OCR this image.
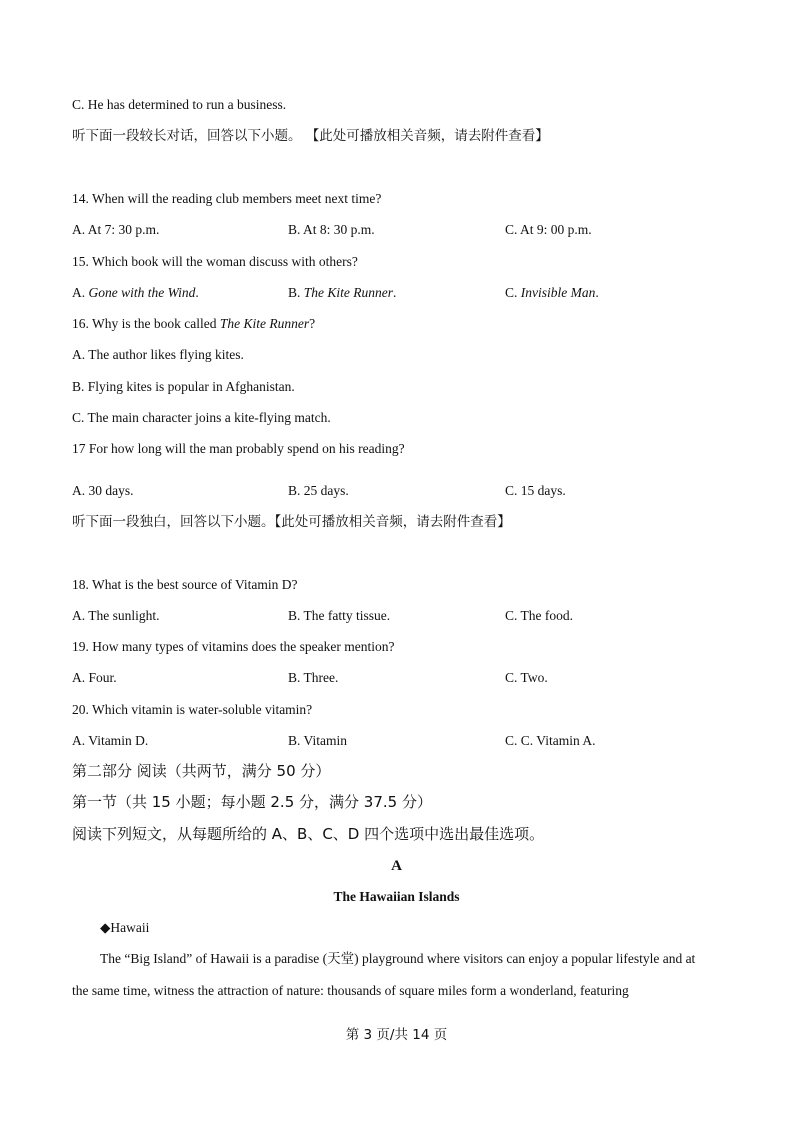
C. He has determined to run a business.
听下面一段较长对话，回答以下小题。 【此处可播放相关音频，请去附件查看】
14. When will the reading club members meet next time?
A. At 7: 30 p.m.	B. At 8: 30 p.m.	C. At 9: 00 p.m.
15. Which book will the woman discuss with others?
A. Gone with the Wind.	B. The Kite Runner.	C. Invisible Man.
16. Why is the book called The Kite Runner?
A. The author likes flying kites.
B. Flying kites is popular in Afghanistan.
C. The main character joins a kite-flying match.
17 For how long will the man probably spend on his reading?
A. 30 days.	B. 25 days.	C. 15 days.
听下面一段独白，回答以下小题。【此处可播放相关音频，请去附件查看】
18. What is the best source of Vitamin D?
A. The sunlight.	B. The fatty tissue.	C. The food.
19. How many types of vitamins does the speaker mention?
A. Four.	B. Three.	C. Two.
20. Which vitamin is water-soluble vitamin?
A. Vitamin D.	B. Vitamin	C. C. Vitamin A.
第二部分 阅读（共两节，满分 50 分）
第一节（共 15 小题；每小题 2.5 分，满分 37.5 分）
阅读下列短文，从每题所给的 A、B、C、D 四个选项中选出最佳选项。
A
The Hawaiian Islands
◆Hawaii
The “Big Island” of Hawaii is a paradise (天堂) playground where visitors can enjoy a popular lifestyle and at
the same time, witness the attraction of nature: thousands of square miles form a wonderland, featuring
第 3 页/共 14 页
